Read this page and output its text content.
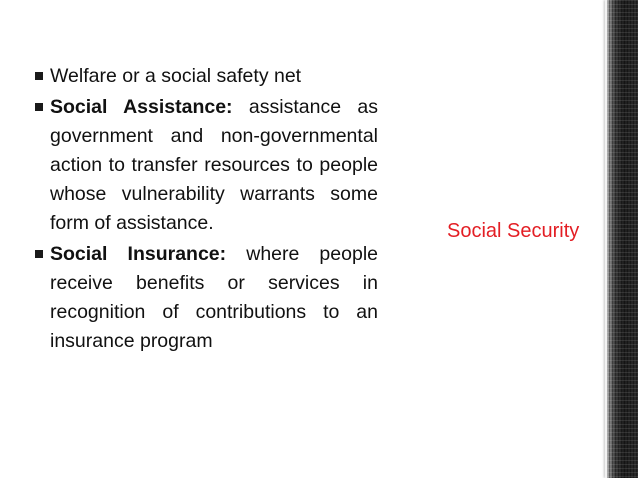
Welfare or a social safety net
Social Assistance: assistance as government and non-governmental action to transfer resources to people whose vulnerability warrants some form of assistance.
Social Insurance: where people receive benefits or services in recognition of contributions to an insurance program
Social Security
